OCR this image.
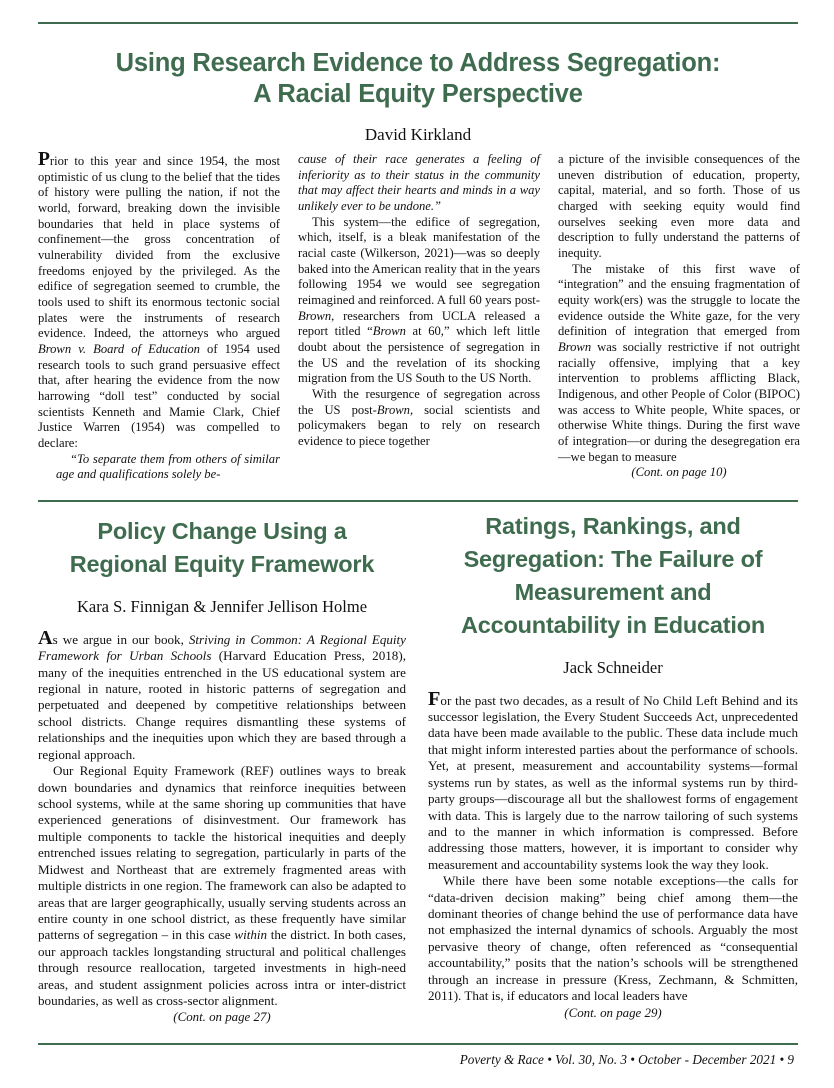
Using Research Evidence to Address Segregation:
A Racial Equity Perspective
David Kirkland

Prior to this year and since 1954, the most optimistic of us clung to the belief that the tides of history were pulling the nation, if not the world, forward, breaking down the invisible boundaries that held in place systems of confinement—the gross concentration of vulnerability divided from the exclusive freedoms enjoyed by the privileged. As the edifice of segregation seemed to crumble, the tools used to shift its enormous tectonic social plates were the instruments of research evidence. Indeed, the attorneys who argued Brown v. Board of Education of 1954 used research tools to such grand persuasive effect that, after hearing the evidence from the now harrowing “doll test” conducted by social scientists Kenneth and Mamie Clark, Chief Justice Warren (1954) was compelled to declare:

“To separate them from others of similar age and qualifications solely be-

cause of their race generates a feeling of inferiority as to their status in the community that may affect their hearts and minds in a way unlikely ever to be undone.”

This system—the edifice of segregation, which, itself, is a bleak manifestation of the racial caste (Wilkerson, 2021)—was so deeply baked into the American reality that in the years following 1954 we would see segregation reimagined and reinforced. A full 60 years post-Brown, researchers from UCLA released a report titled “Brown at 60,” which left little doubt about the persistence of segregation in the US and the revelation of its shocking migration from the US South to the US North.

With the resurgence of segregation across the US post-Brown, social scientists and policymakers began to rely on research evidence to piece together

a picture of the invisible consequences of the uneven distribution of education, property, capital, material, and so forth. Those of us charged with seeking equity would find ourselves seeking even more data and description to fully understand the patterns of inequity.

The mistake of this first wave of “integration” and the ensuing fragmentation of equity work(ers) was the struggle to locate the evidence outside the White gaze, for the very definition of integration that emerged from Brown was socially restrictive if not outright racially offensive, implying that a key intervention to problems afflicting Black, Indigenous, and other People of Color (BIPOC) was access to White people, White spaces, or otherwise White things. During the first wave of integration—or during the desegregation era—we began to measure

(Cont. on page 10)

Policy Change Using a
Regional Equity Framework
Kara S. Finnigan & Jennifer Jellison Holme

As we argue in our book, Striving in Common: A Regional Equity Framework for Urban Schools (Harvard Education Press, 2018), many of the inequities entrenched in the US educational system are regional in nature, rooted in historic patterns of segregation and perpetuated and deepened by competitive relationships between school districts. Change requires dismantling these systems of relationships and the inequities upon which they are based through a regional approach.

Our Regional Equity Framework (REF) outlines ways to break down boundaries and dynamics that reinforce inequities between school systems, while at the same shoring up communities that have experienced generations of disinvestment. Our framework has multiple components to tackle the historical inequities and deeply entrenched issues relating to segregation, particularly in parts of the Midwest and Northeast that are extremely fragmented areas with multiple districts in one region. The framework can also be adapted to areas that are larger geographically, usually serving students across an entire county in one school district, as these frequently have similar patterns of segregation – in this case within the district. In both cases, our approach tackles longstanding structural and political challenges through resource reallocation, targeted investments in high-need areas, and student assignment policies across intra or inter-district boundaries, as well as cross-sector alignment.

(Cont. on page 27)

Ratings, Rankings, and
Segregation: The Failure of
Measurement and
Accountability in Education
Jack Schneider

For the past two decades, as a result of No Child Left Behind and its successor legislation, the Every Student Succeeds Act, unprecedented data have been made available to the public. These data include much that might inform interested parties about the performance of schools. Yet, at present, measurement and accountability systems—formal systems run by states, as well as the informal systems run by third-party groups—discourage all but the shallowest forms of engagement with data. This is largely due to the narrow tailoring of such systems and to the manner in which information is compressed. Before addressing those matters, however, it is important to consider why measurement and accountability systems look the way they look.

While there have been some notable exceptions—the calls for “data-driven decision making” being chief among them—the dominant theories of change behind the use of performance data have not emphasized the internal dynamics of schools. Arguably the most pervasive theory of change, often referenced as “consequential accountability,” posits that the nation’s schools will be strengthened through an increase in pressure (Kress, Zechmann, & Schmitten, 2011). That is, if educators and local leaders have

(Cont. on page 29)

Poverty & Race • Vol. 30, No. 3 • October - December 2021 • 9
